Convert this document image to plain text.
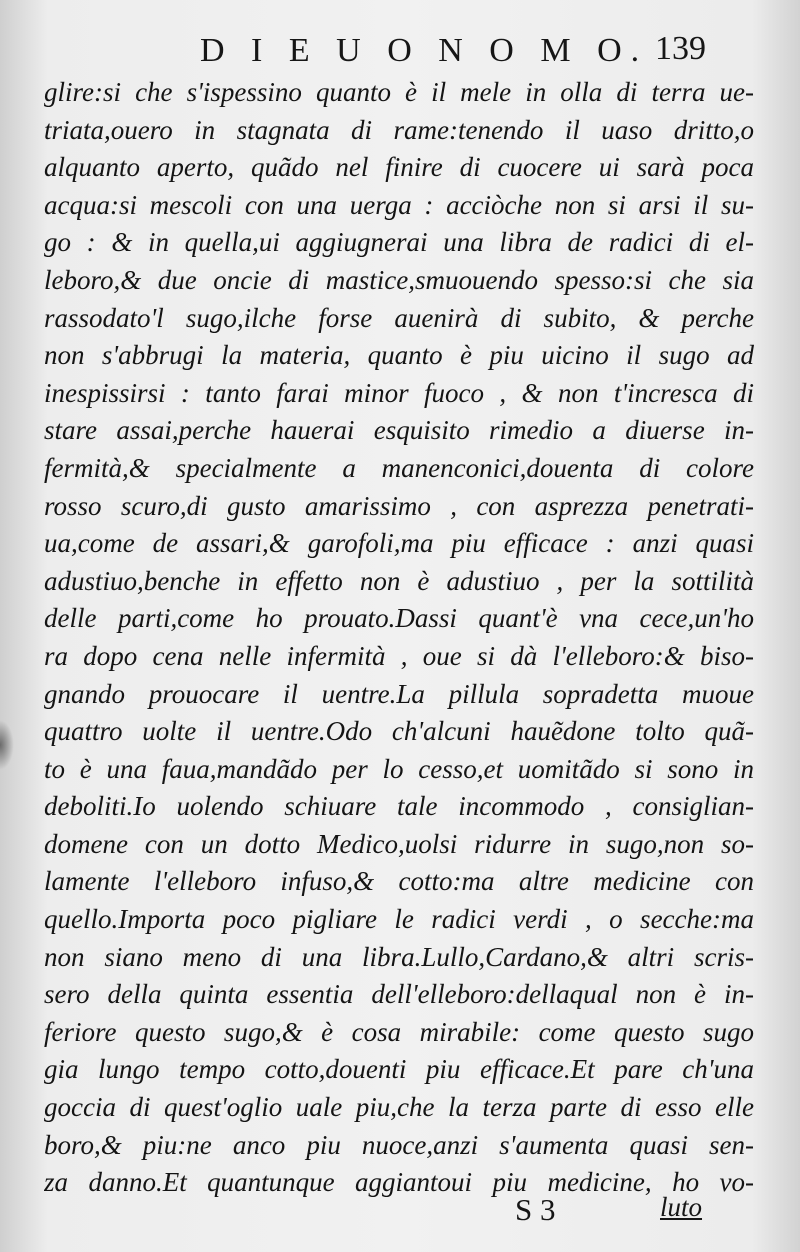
D I E U O N O M O. 139
glire:si che s'ispessino quanto è il mele in olla di terra ue-
triata,ouero in stagnata di rame:tenendo il uaso dritto,o
alquanto aperto, quãdo nel finire di cuocere ui sarà poca
acqua:si mescoli con una uerga : acciòche non si arsi il su-
go : & in quella,ui aggiugnerai una libra de radici di el-
leboro,& due oncie di mastice,smuouendo spesso:si che sia
rassodato'l sugo,ilche forse auenirà di subito, & perche
non s'abbrugi la materia, quanto è piu uicino il sugo ad
inespissirsi : tanto farai minor fuoco , & non t'incresca di
stare assai,perche hauerai esquisito rimedio a diuerse in-
fermità,& specialmente a manenconici,douenta di colore
rosso scuro,di gusto amarissimo , con asprezza penetrati-
ua,come de assari,& garofoli,ma piu efficace : anzi quasi
adustiuo,benche in effetto non è adustiuo , per la sottilità
delle parti,come ho prouato.Dassi quant'è vna cece,un'ho
ra dopo cena nelle infermità , oue si dà l'elleboro:& biso-
gnando prouocare il uentre.La pillula sopradetta muoue
quattro uolte il uentre.Odo ch'alcuni hauẽdone tolto quã-
to è una faua,mandãdo per lo cesso,et uomitãdo si sono in
deboliti.Io uolendo schiuare tale incommodo , consiglian-
domene con un dotto Medico,uolsi ridurre in sugo,non so-
lamente l'elleboro infuso,& cotto:ma altre medicine con
quello.Importa poco pigliare le radici verdi , o secche:ma
non siano meno di una libra.Lullo,Cardano,& altri scris-
sero della quinta essentia dell'elleboro:dellaqual non è in-
feriore questo sugo,& è cosa mirabile: come questo sugo
gia lungo tempo cotto,douenti piu efficace.Et pare ch'una
goccia di quest'oglio uale piu,che la terza parte di esso elle
boro,& piu:ne anco piu nuoce,anzi s'aumenta quasi sen-
za danno.Et quantunque aggiantoui piu medicine, ho vo-
S 3	luto
